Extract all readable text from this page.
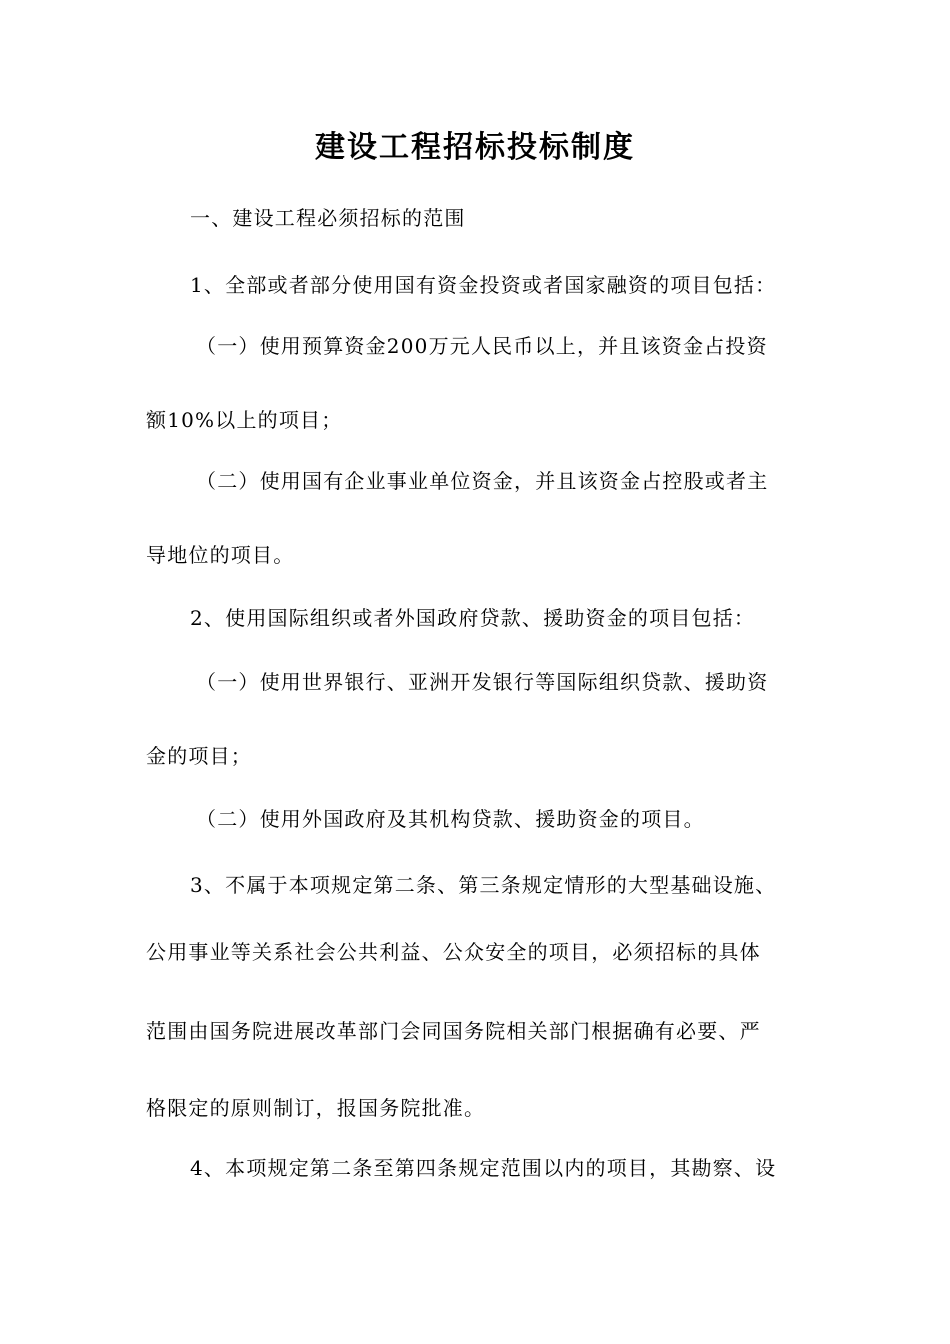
建设工程招标投标制度
一、建设工程必须招标的范围
1、全部或者部分使用国有资金投资或者国家融资的项目包括：
（一）使用预算资金200万元人民币以上，并且该资金占投资
额10%以上的项目；
（二）使用国有企业事业单位资金，并且该资金占控股或者主
导地位的项目。
2、使用国际组织或者外国政府贷款、援助资金的项目包括：
（一）使用世界银行、亚洲开发银行等国际组织贷款、援助资
金的项目；
（二）使用外国政府及其机构贷款、援助资金的项目。
3、不属于本项规定第二条、第三条规定情形的大型基础设施、
公用事业等关系社会公共利益、公众安全的项目，必须招标的具体
范围由国务院进展改革部门会同国务院相关部门根据确有必要、严
格限定的原则制订，报国务院批准。
4、本项规定第二条至第四条规定范围以内的项目，其勘察、设
